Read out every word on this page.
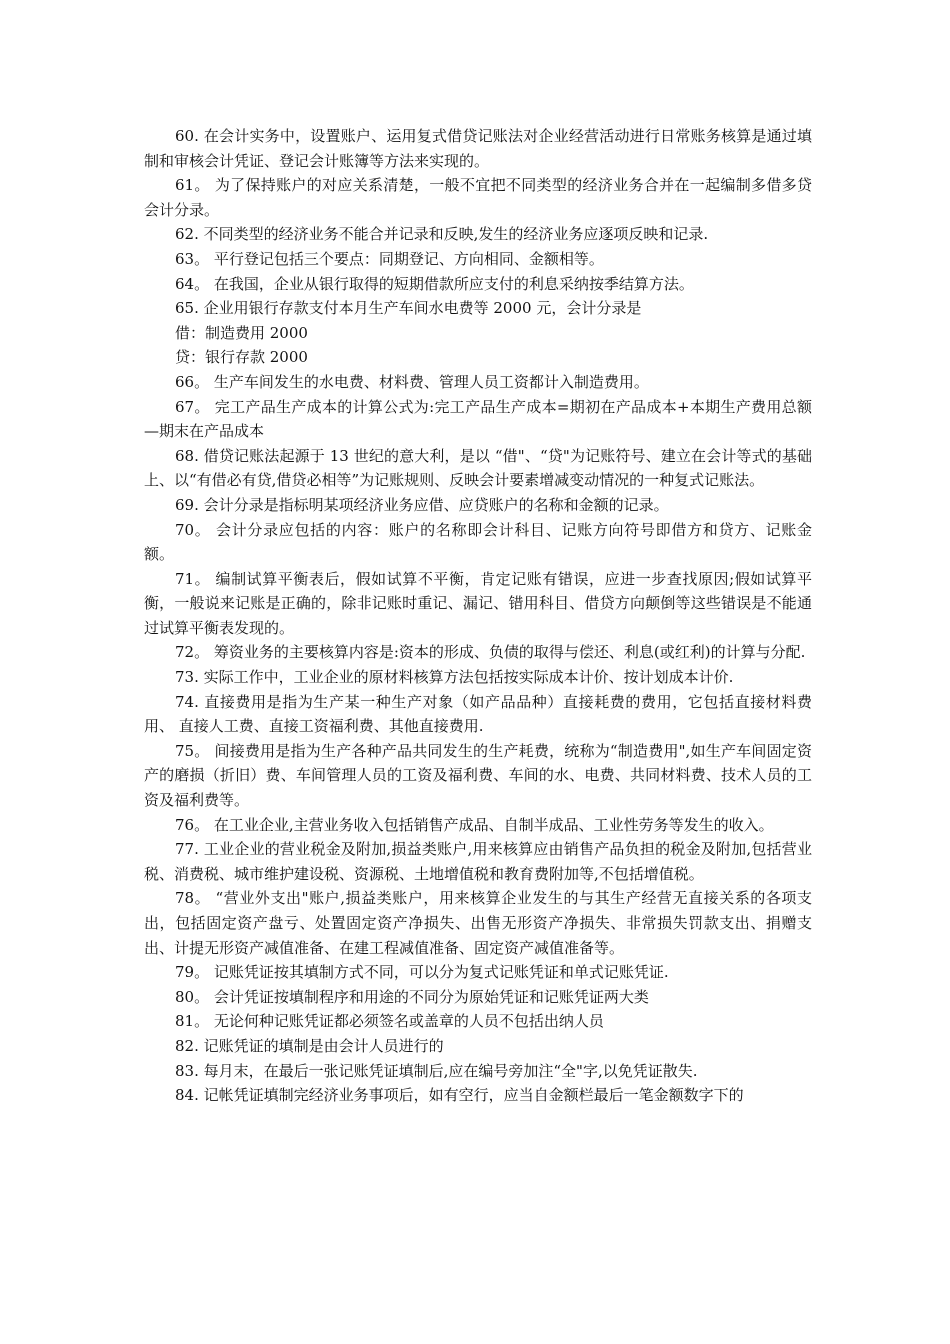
60. 在会计实务中，设置账户、运用复式借贷记账法对企业经营活动进行日常账务核算是通过填制和审核会计凭证、登记会计账簿等方法来实现的。

61。 为了保持账户的对应关系清楚，一般不宜把不同类型的经济业务合并在一起编制多借多贷会计分录。

62. 不同类型的经济业务不能合并记录和反映,发生的经济业务应逐项反映和记录.

63。 平行登记包括三个要点：同期登记、方向相同、金额相等。

64。 在我国，企业从银行取得的短期借款所应支付的利息采纳按季结算方法。

65. 企业用银行存款支付本月生产车间水电费等 2000 元，会计分录是

借：制造费用 2000

贷：银行存款 2000

66。 生产车间发生的水电费、材料费、管理人员工资都计入制造费用。

67。 完工产品生产成本的计算公式为:完工产品生产成本=期初在产品成本+本期生产费用总额—期末在产品成本

68. 借贷记账法起源于 13 世纪的意大利，是以 “借"、“贷"为记账符号、建立在会计等式的基础上、以“有借必有贷,借贷必相等”为记账规则、反映会计要素增减变动情况的一种复式记账法。

69. 会计分录是指标明某项经济业务应借、应贷账户的名称和金额的记录。

70。 会计分录应包括的内容：账户的名称即会计科目、记账方向符号即借方和贷方、记账金额。

71。 编制试算平衡表后，假如试算不平衡，肯定记账有错误，应进一步查找原因;假如试算平衡，一般说来记账是正确的，除非记账时重记、漏记、错用科目、借贷方向颠倒等这些错误是不能通过试算平衡表发现的。

72。 筹资业务的主要核算内容是:资本的形成、负债的取得与偿还、利息(或红利)的计算与分配.

73. 实际工作中，工业企业的原材料核算方法包括按实际成本计价、按计划成本计价.

74. 直接费用是指为生产某一种生产对象（如产品品种）直接耗费的费用，它包括直接材料费用、 直接人工费、直接工资福利费、其他直接费用.

75。 间接费用是指为生产各种产品共同发生的生产耗费，统称为“制造费用",如生产车间固定资产的磨损（折旧）费、车间管理人员的工资及福利费、车间的水、电费、共同材料费、技术人员的工资及福利费等。

76。 在工业企业,主营业务收入包括销售产成品、自制半成品、工业性劳务等发生的收入。

77. 工业企业的营业税金及附加,损益类账户,用来核算应由销售产品负担的税金及附加,包括营业税、消费税、城市维护建设税、资源税、土地增值税和教育费附加等,不包括增值税。

78。 “营业外支出"账户,损益类账户，用来核算企业发生的与其生产经营无直接关系的各项支出，包括固定资产盘亏、处置固定资产净损失、出售无形资产净损失、非常损失罚款支出、捐赠支出、计提无形资产减值准备、在建工程减值准备、固定资产减值准备等。

79。 记账凭证按其填制方式不同，可以分为复式记账凭证和单式记账凭证.

80。 会计凭证按填制程序和用途的不同分为原始凭证和记账凭证两大类

81。 无论何种记账凭证都必须签名或盖章的人员不包括出纳人员

82. 记账凭证的填制是由会计人员进行的

83. 每月末，在最后一张记账凭证填制后,应在编号旁加注“全"字,以免凭证散失.

84. 记帐凭证填制完经济业务事项后，如有空行，应当自金额栏最后一笔金额数字下的
